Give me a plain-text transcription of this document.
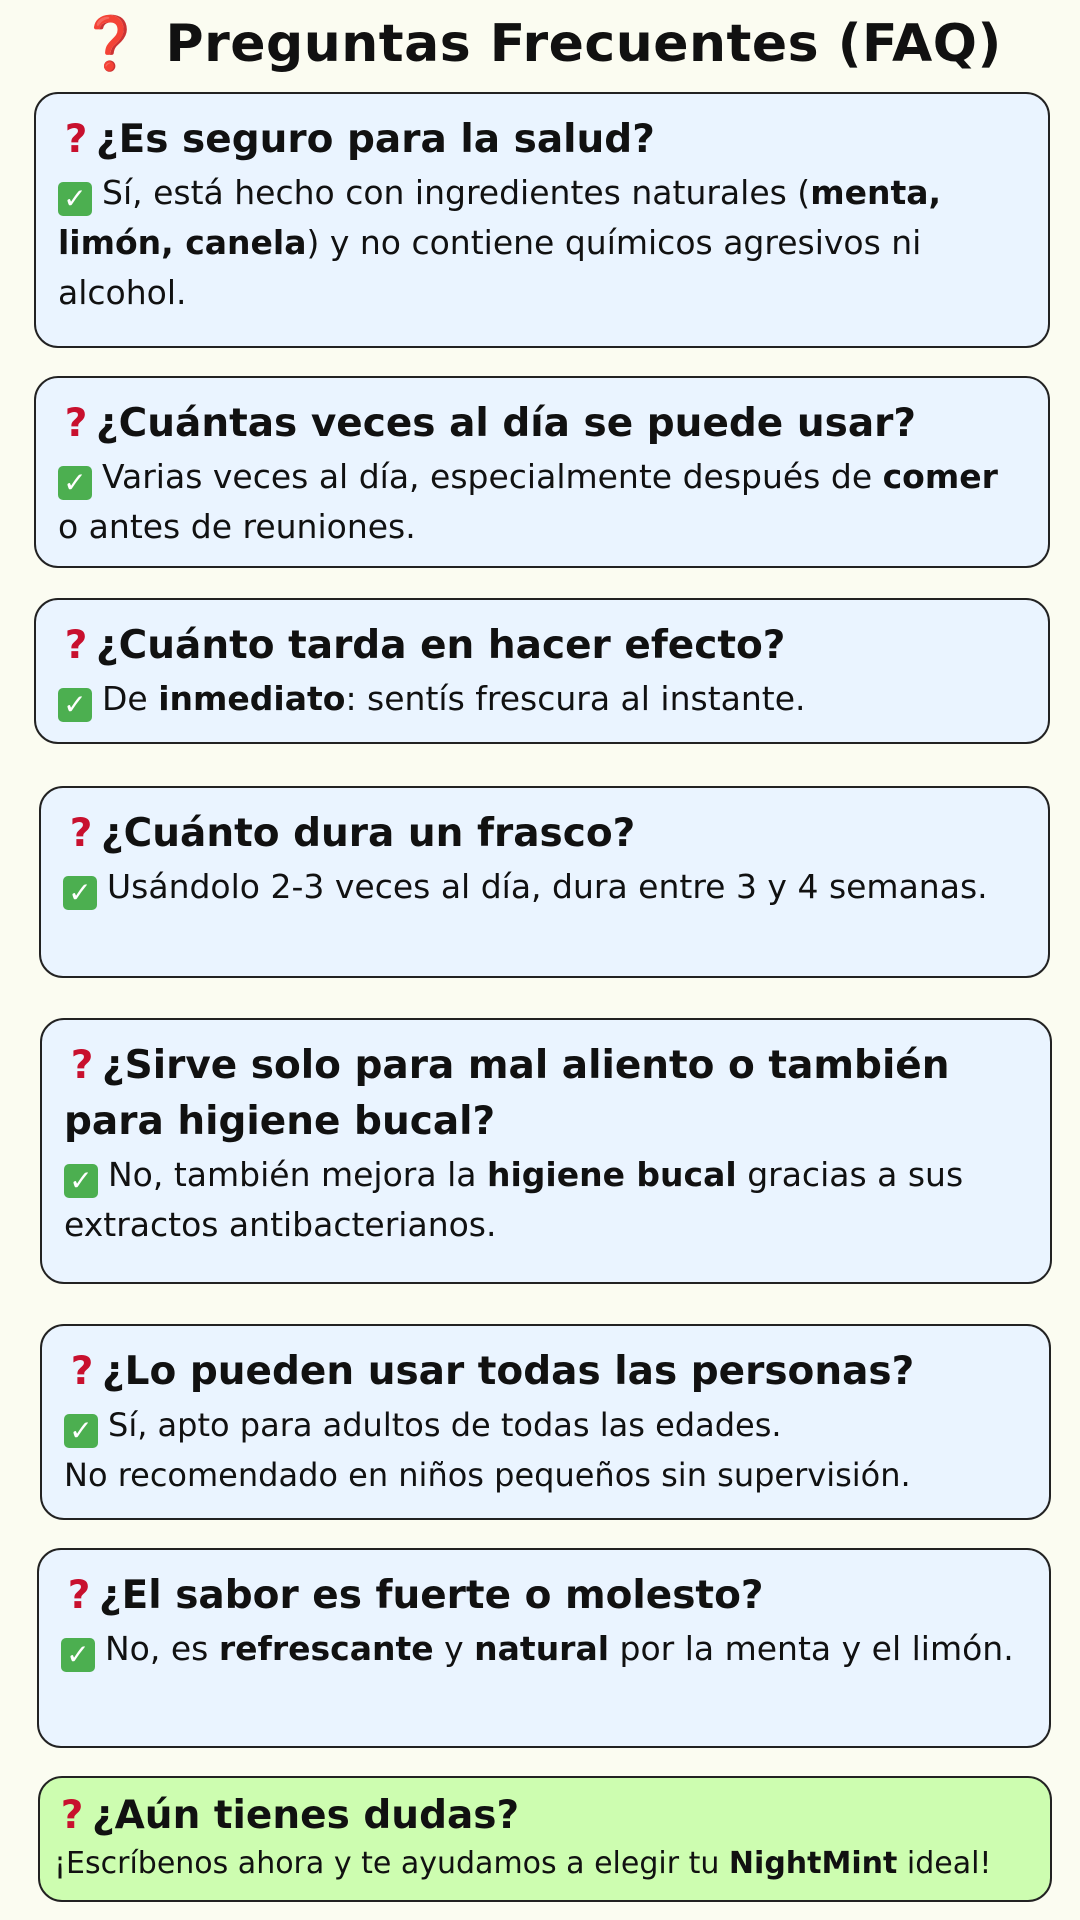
❓ Preguntas Frecuentes (FAQ)

? ¿Es seguro para la salud?

✓ Sí, está hecho con ingredientes naturales (menta, limón, canela) y no contiene químicos agresivos ni alcohol.

? ¿Cuántas veces al día se puede usar?

✓ Varias veces al día, especialmente después de comer o antes de reuniones.

? ¿Cuánto tarda en hacer efecto?

✓ De inmediato: sentís frescura al instante.

? ¿Cuánto dura un frasco?

✓ Usándolo 2-3 veces al día, dura entre 3 y 4 semanas.

? ¿Sirve solo para mal aliento o también para higiene bucal?

✓ No, también mejora la higiene bucal gracias a sus extractos antibacterianos.

? ¿Lo pueden usar todas las personas?

✓ Sí, apto para adultos de todas las edades.
No recomendado en niños pequeños sin supervisión.

? ¿El sabor es fuerte o molesto?

✓ No, es refrescante y natural por la menta y el limón.

? ¿Aún tienes dudas?

¡Escríbenos ahora y te ayudamos a elegir tu NightMint ideal!
